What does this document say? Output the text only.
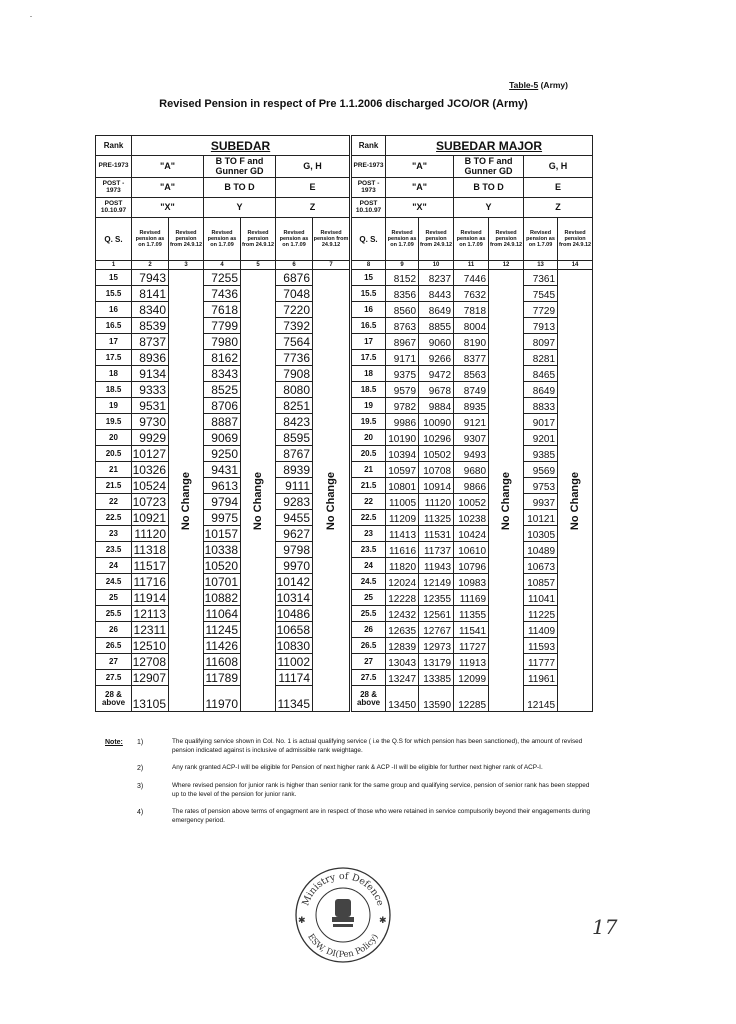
-
Table-5 (Army)
Revised Pension in respect of Pre 1.1.2006 discharged JCO/OR (Army)
Rank	SUBEDAR						Rank	SUBEDAR MAJOR					
PRE-1973	"A"		B TO F and Gunner GD		G, H		PRE-1973	"A"		B TO F and Gunner GD		G, H	
POST - 1973	"A"		B TO D		E		POST - 1973	"A"		B TO D		E	
POST 10.10.97	"X"		Y		Z		POST 10.10.97	"X"		Y		Z	
Q. S.	Revised pension as on 1.7.09	Revised pension from 24.9.12	Revised pension as on 1.7.09	Revised pension from 24.9.12	Revised pension as on 1.7.09	Revised pension from 24.9.12	Q. S.	Revised pension as on 1.7.09	Revised pension from 24.9.12	Revised pension as on 1.7.09	Revised pension from 24.9.12	Revised pension as on 1.7.09	Revised pension from 24.9.12
1	2	3	4	5	6	7	8	9	10	11	12	13	14
15	7943	No Change	7255	No Change	6876	No Change	15	8152	8237	7446	No Change	7361	No Change

15.5	8141		7436		7048		15.5	8356	8443	7632		7545	
16	8340		7618		7220		16	8560	8649	7818		7729	
16.5	8539		7799		7392		16.5	8763	8855	8004		7913	
17	8737		7980		7564		17	8967	9060	8190		8097	
17.5	8936		8162		7736		17.5	9171	9266	8377		8281	
18	9134		8343		7908		18	9375	9472	8563		8465	
18.5	9333		8525		8080		18.5	9579	9678	8749		8649	
19	9531		8706		8251		19	9782	9884	8935		8833	
19.5	9730		8887		8423		19.5	9986	10090	9121		9017	
20	9929		9069		8595		20	10190	10296	9307		9201	
20.5	10127		9250		8767		20.5	10394	10502	9493		9385	
21	10326		9431		8939		21	10597	10708	9680		9569	
21.5	10524		9613		9111		21.5	10801	10914	9866		9753	
22	10723		9794		9283		22	11005	11120	10052		9937	
22.5	10921		9975		9455		22.5	11209	11325	10238		10121	
23	11120		10157		9627		23	11413	11531	10424		10305	
23.5	11318		10338		9798		23.5	11616	11737	10610		10489	
24	11517		10520		9970		24	11820	11943	10796		10673	
24.5	11716		10701		10142		24.5	12024	12149	10983		10857	
25	11914		10882		10314		25	12228	12355	11169		11041	
25.5	12113		11064		10486		25.5	12432	12561	11355		11225	
26	12311		11245		10658		26	12635	12767	11541		11409	
26.5	12510		11426		10830		26.5	12839	12973	11727		11593	
27	12708		11608		11002		27	13043	13179	11913		11777	
27.5	12907		11789		11174		27.5	13247	13385	12099		11961	
28 & above	13105		11970		11345		28 & above	13450	13590	12285		12145	
Note: 1)	The qualifying service shown in Col. No. 1 is actual qualifying service ( i.e the Q.S for which pension has been sanctioned), the amount of revised pension indicated against is inclusive of admissible rank weightage.
2)	Any rank granted ACP-I will be eligible for Pension of next higher rank & ACP -II will be eligible for further next higher rank of ACP-I.
3)	Where revised pension for junior rank is higher than senior rank for the same group and qualifying service, pension of senior rank has been stepped up to the level of the pension for junior rank.
4)	The rates of pension above terms of engagment are in respect of those who were retained in service compulsorily beyond their engagements during emergency period.
Ministry of Defence
ESW, DI(Pen Policy)
✱	✱	17
